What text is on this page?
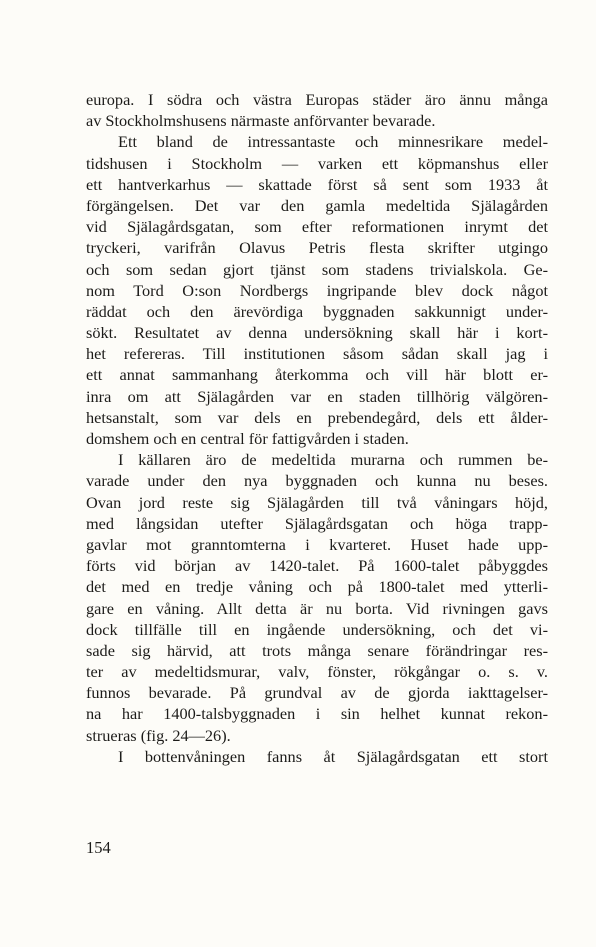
europa. I södra och västra Europas städer äro ännu många
av Stockholmshusens närmaste anförvanter bevarade.
Ett bland de intressantaste och minnesrikare medel-
tidshusen i Stockholm — varken ett köpmanshus eller
ett hantverkarhus — skattade först så sent som 1933 åt
förgängelsen. Det var den gamla medeltida Själagården
vid Själagårdsgatan, som efter reformationen inrymt det
tryckeri, varifrån Olavus Petris flesta skrifter utgingo
och som sedan gjort tjänst som stadens trivialskola. Ge-
nom Tord O:son Nordbergs ingripande blev dock något
räddat och den ärevördiga byggnaden sakkunnigt under-
sökt. Resultatet av denna undersökning skall här i kort-
het refereras. Till institutionen såsom sådan skall jag i
ett annat sammanhang återkomma och vill här blott er-
inra om att Själagården var en staden tillhörig välgören-
hetsanstalt, som var dels en prebendegård, dels ett ålder-
domshem och en central för fattigvården i staden.
I källaren äro de medeltida murarna och rummen be-
varade under den nya byggnaden och kunna nu beses.
Ovan jord reste sig Själagården till två våningars höjd,
med långsidan utefter Själagårdsgatan och höga trapp-
gavlar mot granntomterna i kvarteret. Huset hade upp-
förts vid början av 1420-talet. På 1600-talet påbyggdes
det med en tredje våning och på 1800-talet med ytterli-
gare en våning. Allt detta är nu borta. Vid rivningen gavs
dock tillfälle till en ingående undersökning, och det vi-
sade sig härvid, att trots många senare förändringar res-
ter av medeltidsmurar, valv, fönster, rökgångar o. s. v.
funnos bevarade. På grundval av de gjorda iakttagelser-
na har 1400-talsbyggnaden i sin helhet kunnat rekon-
strueras (fig. 24—26).
I bottenvåningen fanns åt Själagårdsgatan ett stort
154
